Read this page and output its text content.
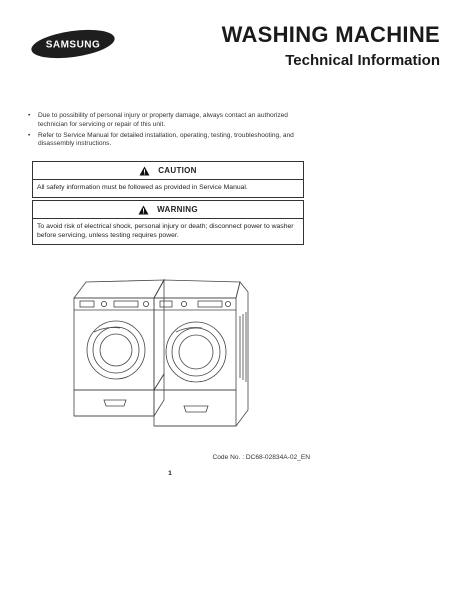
SAMSUNG	WASHING MACHINE
Technical Information
• Due to possibility of personal injury or property damage, always contact an authorized technician for servicing or repair of this unit.
• Refer to Service Manual for detailed installation, operating, testing, troubleshooting, and disassembly instructions.
CAUTION
All safety information must be followed as provided in Service Manual.
WARNING
To avoid risk of electrical shock, personal injury or death; disconnect power to washer before servicing, unless testing requires power.
Code No. : DC68-02834A-02_EN
1
